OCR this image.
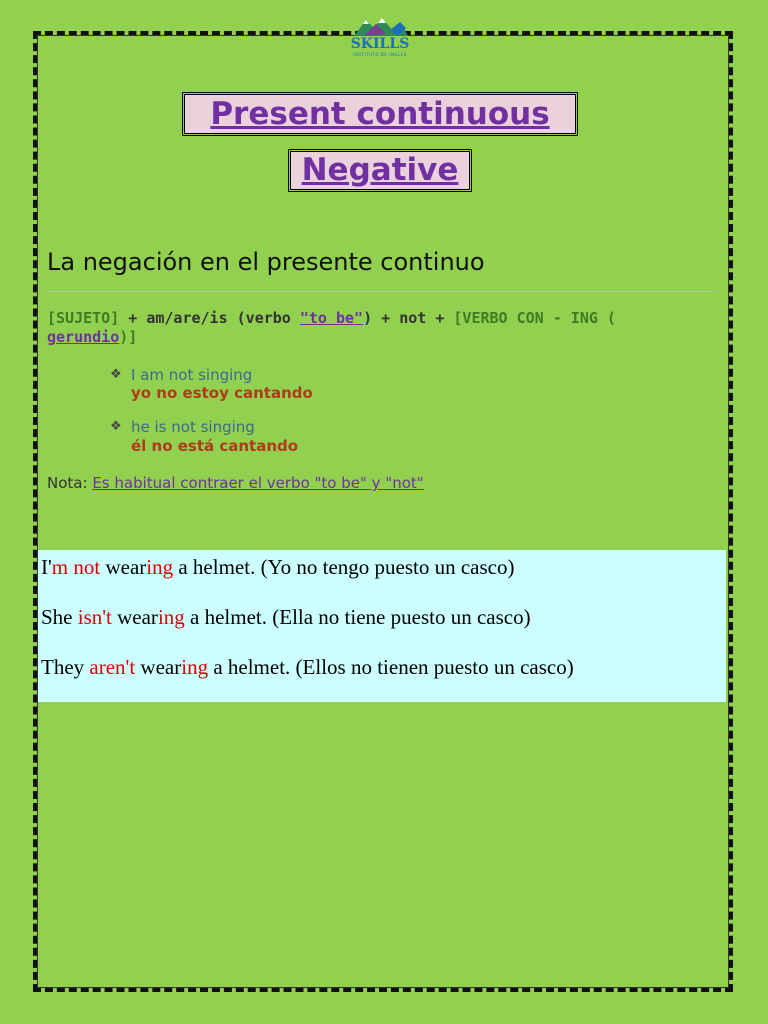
SKILLS
INSTITUTO DE INGLES
Present continuous
Negative
La negación en el presente continuo
[SUJETO] + am/are/is (verbo "to be") + not + [VERBO CON - ING ( gerundio)]
❖ I am not singing
yo no estoy cantando
❖ he is not singing
él no está cantando
Nota: Es habitual contraer el verbo "to be" y "not"
I'm not wearing a helmet. (Yo no tengo puesto un casco)
She isn't wearing a helmet. (Ella no tiene puesto un casco)
They aren't wearing a helmet. (Ellos no tienen puesto un casco)
